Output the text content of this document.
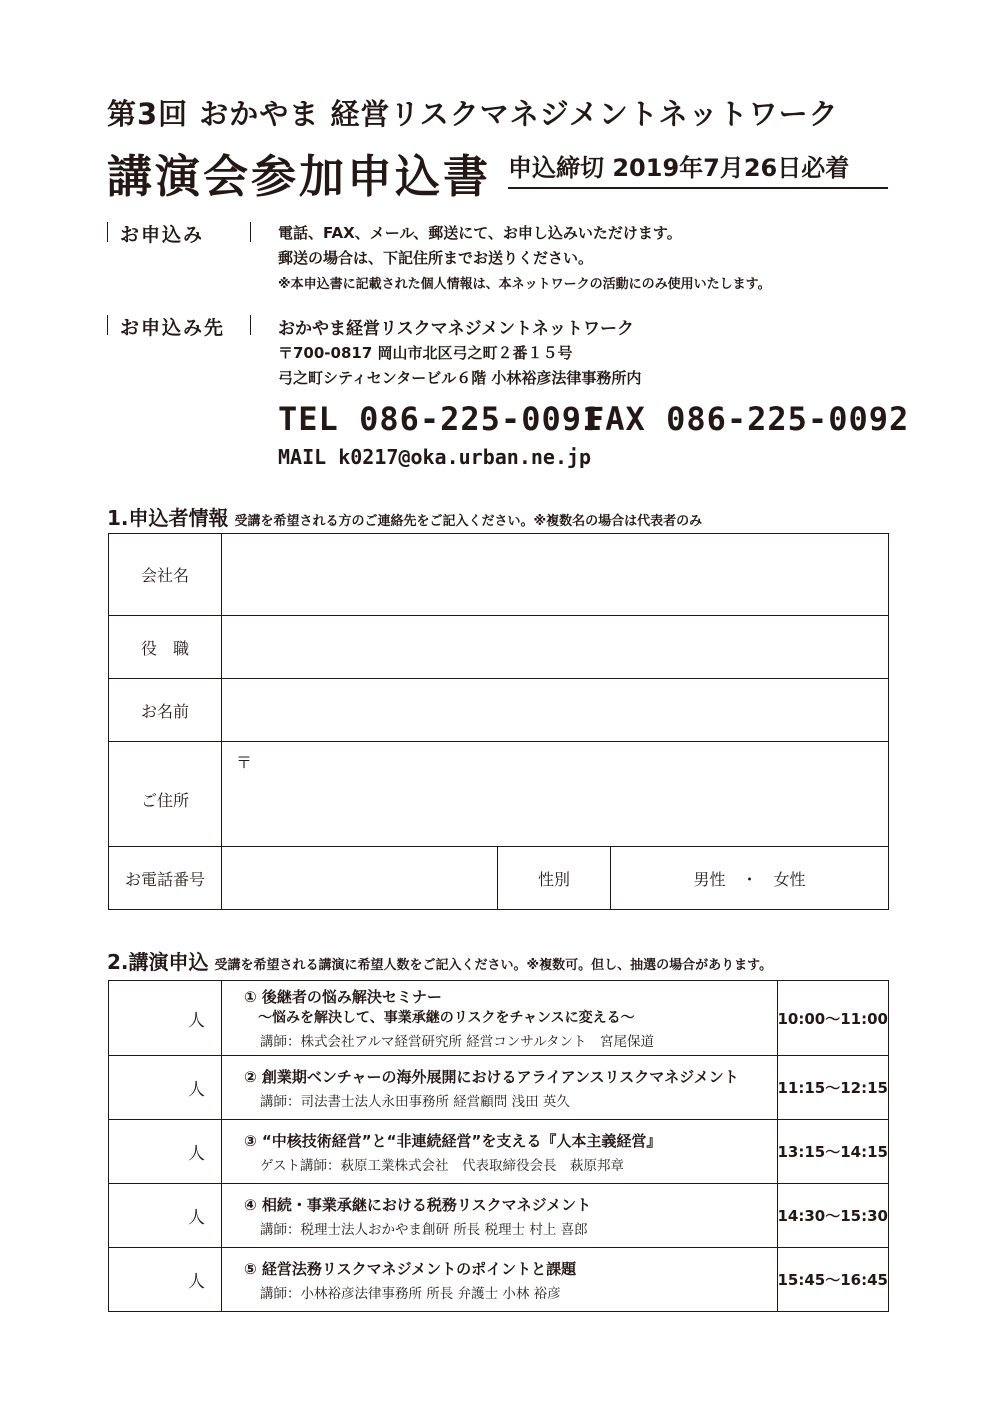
第3回 おかやま 経営リスクマネジメントネットワーク
講演会参加申込書 申込締切 2019年7月26日必着
お申込み	電話、FAX、メール、郵送にて、お申し込みいただけます。
郵送の場合は、下記住所までお送りください。
※本申込書に記載された個人情報は、本ネットワークの活動にのみ使用いたします。
お申込み先	おかやま経営リスクマネジメントネットワーク
〒700-0817 岡山市北区弓之町２番１５号
弓之町シティセンタービル６階 小林裕彦法律事務所内
TEL 086-225-0091
FAX 086-225-0092
MAIL k0217@oka.urban.ne.jp
1.申込者情報 受講を希望される方のご連絡先をご記入ください。※複数名の場合は代表者のみ
会社名			
役　職			
お名前			
ご住所	〒		
お電話番号		性別	男性　・　女性
2.講演申込 受講を希望される講演に希望人数をご記入ください。※複数可。但し、抽選の場合があります。
人	① 後継者の悩み解決セミナー
〜悩みを解決して、事業承継のリスクをチャンスに変える〜
講師：株式会社アルマ経営研究所 経営コンサルタント　宮尾保道	10:00〜11:00
人	② 創業期ベンチャーの海外展開におけるアライアンスリスクマネジメント
講師：司法書士法人永田事務所 経営顧問 浅田 英久	11:15〜12:15
人	③ “中核技術経営”と“非連続経営”を支える『人本主義経営』
ゲスト講師：萩原工業株式会社　代表取締役会長　萩原邦章	13:15〜14:15
人	④ 相続・事業承継における税務リスクマネジメント
講師：税理士法人おかやま創研 所長 税理士 村上 喜郎	14:30〜15:30
人	⑤ 経営法務リスクマネジメントのポイントと課題
講師：小林裕彦法律事務所 所長 弁護士 小林 裕彦	15:45〜16:45
